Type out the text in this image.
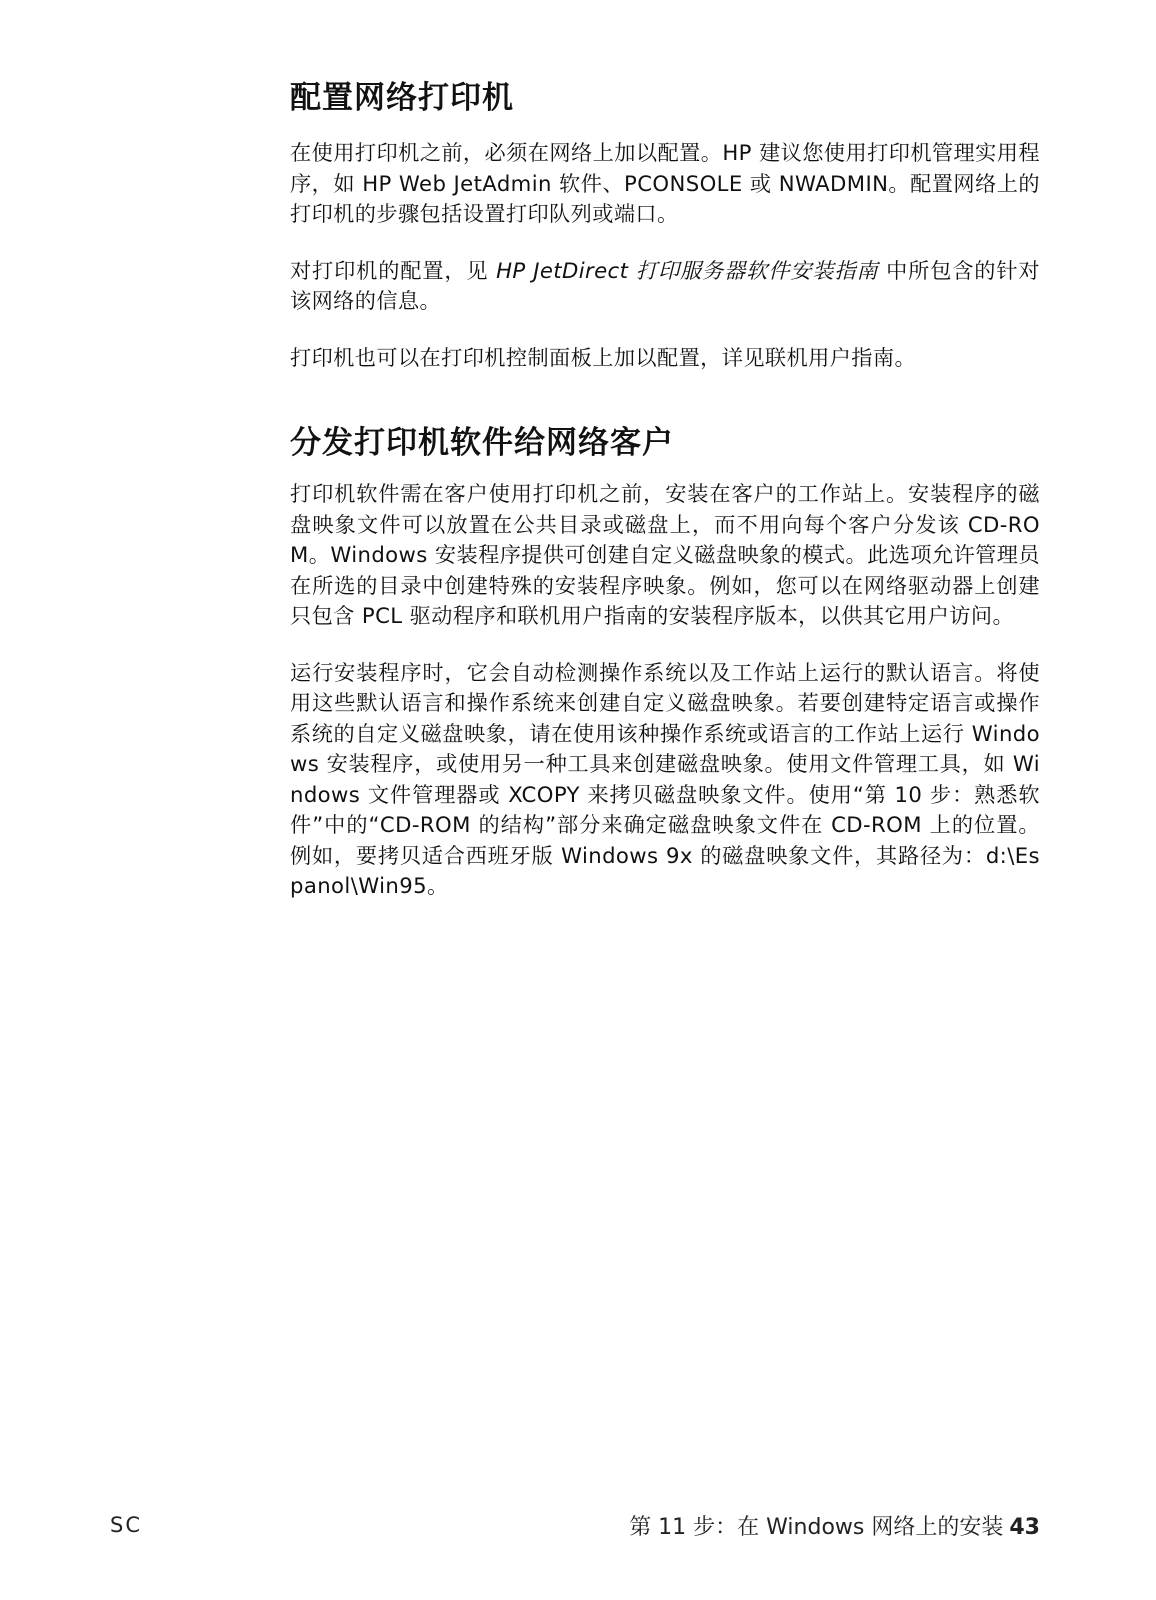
配置网络打印机

在使用打印机之前，必须在网络上加以配置。HP 建议您使用打印机管理实用程序，如 HP Web JetAdmin 软件、PCONSOLE 或 NWADMIN。配置网络上的打印机的步骤包括设置打印队列或端口。

对打印机的配置，见 HP JetDirect 打印服务器软件安装指南 中所包含的针对该网络的信息。

打印机也可以在打印机控制面板上加以配置，详见联机用户指南。

分发打印机软件给网络客户

打印机软件需在客户使用打印机之前，安装在客户的工作站上。安装程序的磁盘映象文件可以放置在公共目录或磁盘上，而不用向每个客户分发该 CD-ROM。Windows 安装程序提供可创建自定义磁盘映象的模式。此选项允许管理员在所选的目录中创建特殊的安装程序映象。例如，您可以在网络驱动器上创建只包含 PCL 驱动程序和联机用户指南的安装程序版本，以供其它用户访问。

运行安装程序时，它会自动检测操作系统以及工作站上运行的默认语言。将使用这些默认语言和操作系统来创建自定义磁盘映象。若要创建特定语言或操作系统的自定义磁盘映象，请在使用该种操作系统或语言的工作站上运行 Windows 安装程序，或使用另一种工具来创建磁盘映象。使用文件管理工具，如 Windows 文件管理器或 XCOPY 来拷贝磁盘映象文件。使用“第 10 步：熟悉软件”中的“CD-ROM 的结构”部分来确定磁盘映象文件在 CD-ROM 上的位置。例如，要拷贝适合西班牙版 Windows 9x 的磁盘映象文件，其路径为：d:\Espanol\Win95。

SC	第 11 步：在 Windows 网络上的安装 43
